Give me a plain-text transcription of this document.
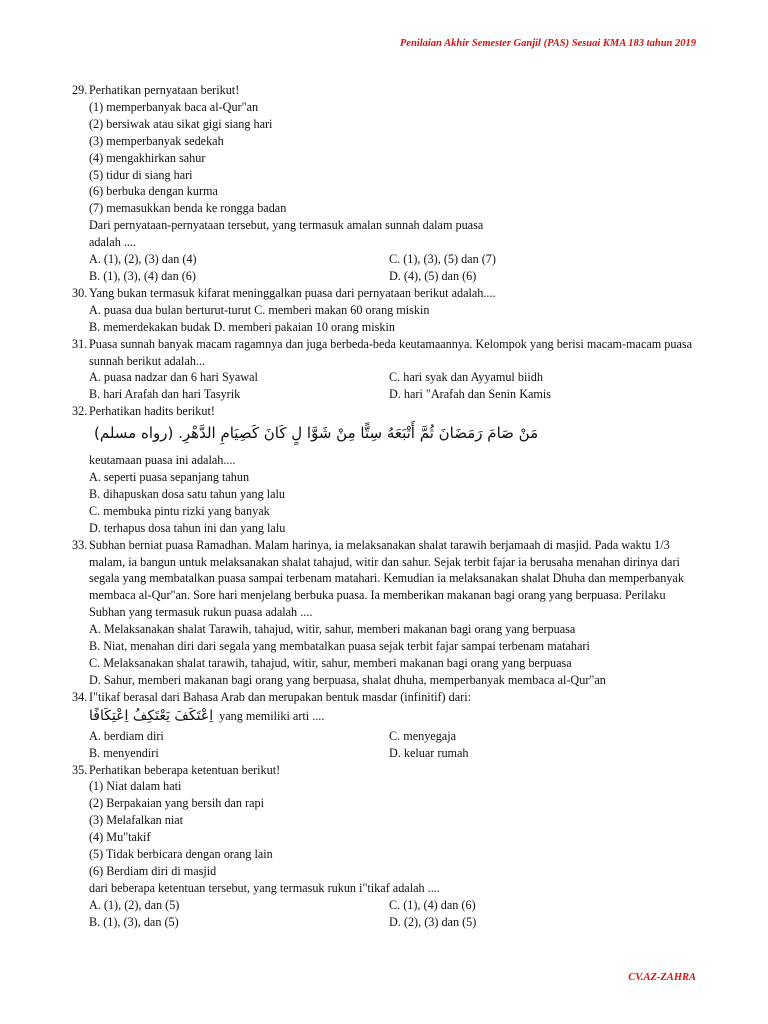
Penilaian Akhir Semester Ganjil (PAS) Sesuai KMA 183 tahun 2019
29. Perhatikan pernyataan berikut!
(1) memperbanyak baca al-Qur"an
(2) bersiwak atau sikat gigi siang hari
(3) memperbanyak sedekah
(4) mengakhirkan sahur
(5) tidur di siang hari
(6) berbuka dengan kurma
(7) memasukkan benda ke rongga badan
Dari pernyataan-pernyataan tersebut, yang termasuk amalan sunnah dalam puasa
adalah ....
A. (1), (2), (3) dan (4)	C. (1), (3), (5) dan (7)
B. (1), (3), (4) dan (6)	D. (4), (5) dan (6)
30. Yang bukan termasuk kifarat meninggalkan puasa dari pernyataan berikut adalah....
A. puasa dua bulan berturut-turut C. memberi makan 60 orang miskin
B. memerdekakan budak D. memberi pakaian 10 orang miskin
31. Puasa sunnah banyak macam ragamnya dan juga berbeda-beda keutamaannya. Kelompok yang berisi macam-macam puasa sunnah berikut adalah...
A. puasa nadzar dan 6 hari Syawal	C. hari syak dan Ayyamul biidh
B. hari Arafah dan hari Tasyrik	D. hari "Arafah dan Senin Kamis
32. Perhatikan hadits berikut!
مَنْ صَامَ رَمَضَانَ ثُمَّ أَتْبَعَهُ سِتًّا مِنْ شَوَّا لٍ كَانَ كَصِيَامِ الدَّهْرِ. (رواه مسلم)
keutamaan puasa ini adalah....
A. seperti puasa sepanjang tahun
B. dihapuskan dosa satu tahun yang lalu
C. membuka pintu rizki yang banyak
D. terhapus dosa tahun ini dan yang lalu
33. Subhan berniat puasa Ramadhan. Malam harinya, ia melaksanakan shalat tarawih berjamaah di masjid. Pada waktu 1/3 malam, ia bangun untuk melaksanakan shalat tahajud, witir dan sahur. Sejak terbit fajar ia berusaha menahan dirinya dari segala yang membatalkan puasa sampai terbenam matahari. Kemudian ia melaksanakan shalat Dhuha dan memperbanyak membaca al-Qur"an. Sore hari menjelang berbuka puasa. Ia memberikan makanan bagi orang yang berpuasa. Perilaku Subhan yang termasuk rukun puasa adalah ....
A. Melaksanakan shalat Tarawih, tahajud, witir, sahur, memberi makanan bagi orang yang berpuasa
B. Niat, menahan diri dari segala yang membatalkan puasa sejak terbit fajar sampai terbenam matahari
C. Melaksanakan shalat tarawih, tahajud, witir, sahur, memberi makanan bagi orang yang berpuasa
D. Sahur, memberi makanan bagi orang yang berpuasa, shalat dhuha, memperbanyak membaca al-Qur"an
34. I"tikaf berasal dari Bahasa Arab dan merupakan bentuk masdar (infinitif) dari:
اِعْتَكَفَ يَعْتَكِفُ اِعْتِكَافًا yang memiliki arti ....
A. berdiam diri	C. menyegaja
B. menyendiri	D. keluar rumah
35. Perhatikan beberapa ketentuan berikut!
(1) Niat dalam hati
(2) Berpakaian yang bersih dan rapi
(3) Melafalkan niat
(4) Mu"takif
(5) Tidak berbicara dengan orang lain
(6) Berdiam diri di masjid
dari beberapa ketentuan tersebut, yang termasuk rukun i"tikaf adalah ....
A. (1), (2), dan (5)	C. (1), (4) dan (6)
B. (1), (3), dan (5)	D. (2), (3) dan (5)
CV.AZ-ZAHRA
